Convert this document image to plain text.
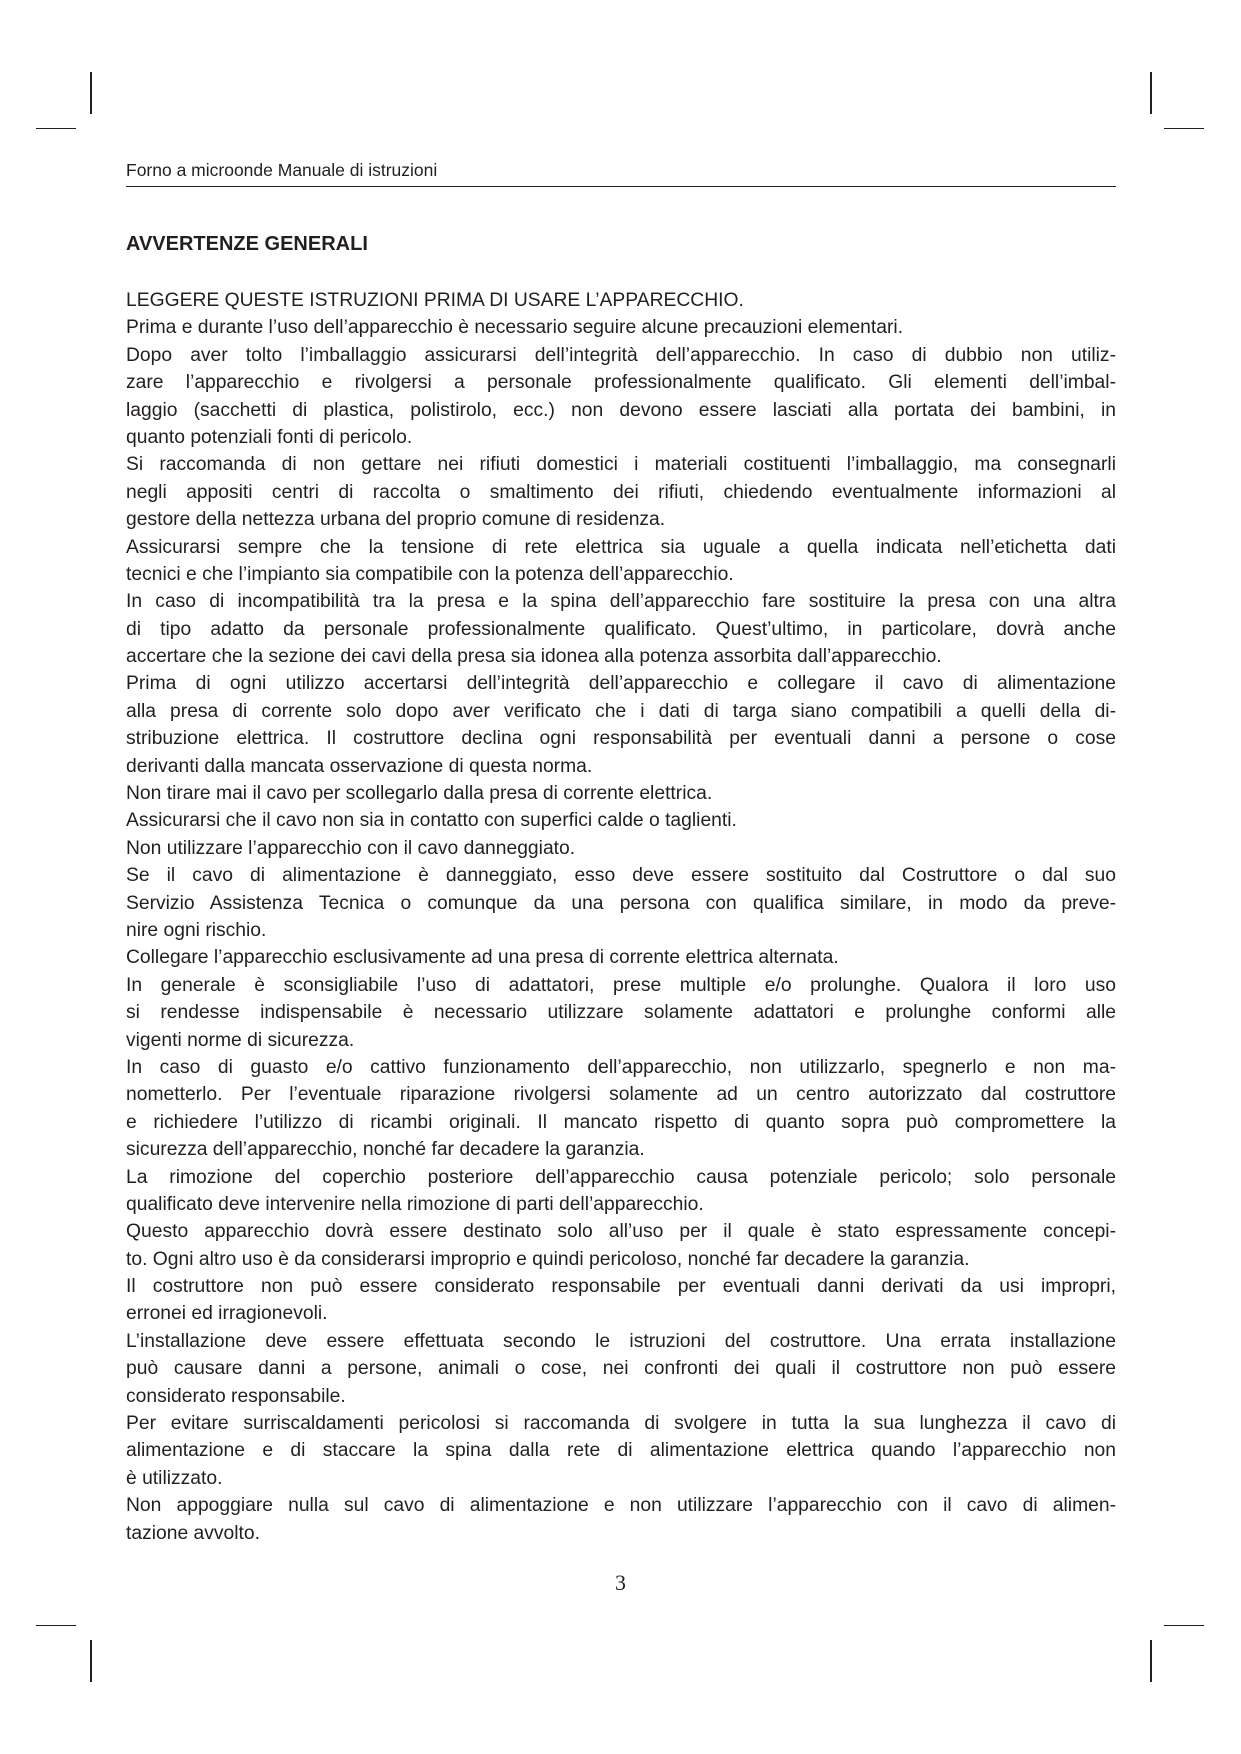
Forno a microonde Manuale di istruzioni
AVVERTENZE GENERALI
LEGGERE QUESTE ISTRUZIONI PRIMA DI USARE L’APPARECCHIO.
Prima e durante l’uso dell’apparecchio è necessario seguire alcune precauzioni elementari.
Dopo aver tolto l’imballaggio assicurarsi dell’integrità dell’apparecchio. In caso di dubbio non utiliz-
zare l’apparecchio e rivolgersi a personale professionalmente qualificato. Gli elementi dell’imbal-
laggio (sacchetti di plastica, polistirolo, ecc.) non devono essere lasciati alla portata dei bambini, in
quanto potenziali fonti di pericolo.
Si raccomanda di non gettare nei rifiuti domestici i materiali costituenti l’imballaggio, ma consegnarli
negli appositi centri di raccolta o smaltimento dei rifiuti, chiedendo eventualmente informazioni al
gestore della nettezza urbana del proprio comune di residenza.
Assicurarsi sempre che la tensione di rete elettrica sia uguale a quella indicata nell’etichetta dati
tecnici e che l’impianto sia compatibile con la potenza dell’apparecchio.
In caso di incompatibilità tra la presa e la spina dell’apparecchio fare sostituire la presa con una altra
di tipo adatto da personale professionalmente qualificato. Quest’ultimo, in particolare, dovrà anche
accertare che la sezione dei cavi della presa sia idonea alla potenza assorbita dall’apparecchio.
Prima di ogni utilizzo accertarsi dell’integrità dell’apparecchio e collegare il cavo di alimentazione
alla presa di corrente solo dopo aver verificato che i dati di targa siano compatibili a quelli della di-
stribuzione elettrica. Il costruttore declina ogni responsabilità per eventuali danni a persone o cose
derivanti dalla mancata osservazione di questa norma.
Non tirare mai il cavo per scollegarlo dalla presa di corrente elettrica.
Assicurarsi che il cavo non sia in contatto con superfici calde o taglienti.
Non utilizzare l’apparecchio con il cavo danneggiato.
Se il cavo di alimentazione è danneggiato, esso deve essere sostituito dal Costruttore o dal suo
Servizio Assistenza Tecnica o comunque da una persona con qualifica similare, in modo da preve-
nire ogni rischio.
Collegare l’apparecchio esclusivamente ad una presa di corrente elettrica alternata.
In generale è sconsigliabile l’uso di adattatori, prese multiple e/o prolunghe. Qualora il loro uso
si rendesse indispensabile è necessario utilizzare solamente adattatori e prolunghe conformi alle
vigenti norme di sicurezza.
In caso di guasto e/o cattivo funzionamento dell’apparecchio, non utilizzarlo, spegnerlo e non ma-
nometterlo. Per l’eventuale riparazione rivolgersi solamente ad un centro autorizzato dal costruttore
e richiedere l’utilizzo di ricambi originali. Il mancato rispetto di quanto sopra può compromettere la
sicurezza dell’apparecchio, nonché far decadere la garanzia.
La rimozione del coperchio posteriore dell’apparecchio causa potenziale pericolo; solo personale
qualificato deve intervenire nella rimozione di parti dell’apparecchio.
Questo apparecchio dovrà essere destinato solo all’uso per il quale è stato espressamente concepi-
to. Ogni altro uso è da considerarsi improprio e quindi pericoloso, nonché far decadere la garanzia.
Il costruttore non può essere considerato responsabile per eventuali danni derivati da usi impropri,
erronei ed irragionevoli.
L’installazione deve essere effettuata secondo le istruzioni del costruttore. Una errata installazione
può causare danni a persone, animali o cose, nei confronti dei quali il costruttore non può essere
considerato responsabile.
Per evitare surriscaldamenti pericolosi si raccomanda di svolgere in tutta la sua lunghezza il cavo di
alimentazione e di staccare la spina dalla rete di alimentazione elettrica quando l’apparecchio non
è utilizzato.
Non appoggiare nulla sul cavo di alimentazione e non utilizzare l’apparecchio con il cavo di alimen-
tazione avvolto.
3
